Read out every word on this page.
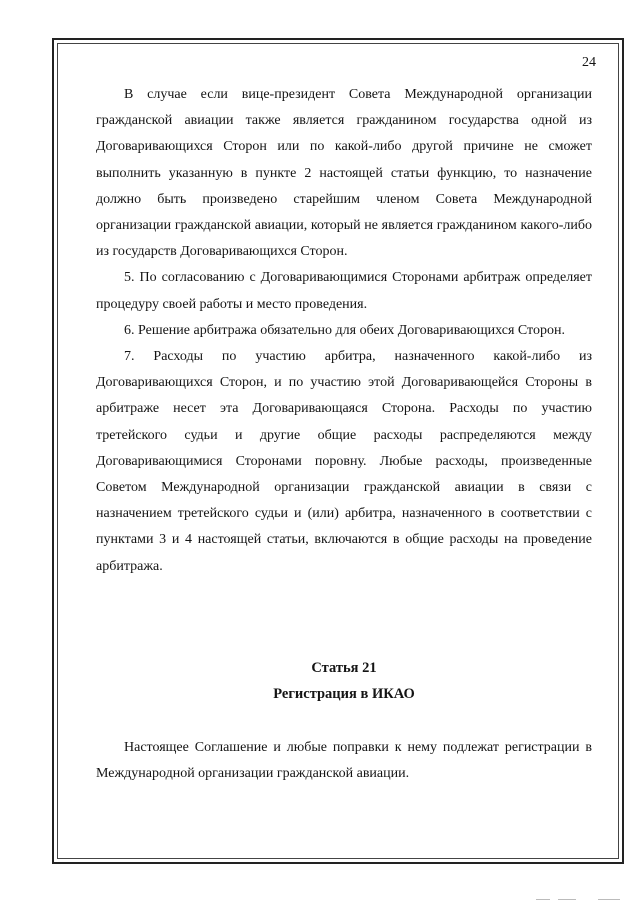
24

В случае если вице-президент Совета Международной организации гражданской авиации также является гражданином государства одной из Договаривающихся Сторон или по какой-либо другой причине не сможет выполнить указанную в пункте 2 настоящей статьи функцию, то назначение должно быть произведено старейшим членом Совета Международной организации гражданской авиации, который не является гражданином какого-либо из государств Договаривающихся Сторон.

5. По согласованию с Договаривающимися Сторонами арбитраж определяет процедуру своей работы и место проведения.

6. Решение арбитража обязательно для обеих Договаривающихся Сторон.

7. Расходы по участию арбитра, назначенного какой-либо из Договаривающихся Сторон, и по участию этой Договаривающейся Стороны в арбитраже несет эта Договаривающаяся Сторона. Расходы по участию третейского судьи и другие общие расходы распределяются между Договаривающимися Сторонами поровну. Любые расходы, произведенные Советом Международной организации гражданской авиации в связи с назначением третейского судьи и (или) арбитра, назначенного в соответствии с пунктами 3 и 4 настоящей статьи, включаются в общие расходы на проведение арбитража.

Статья 21
Регистрация в ИКАО

Настоящее Соглашение и любые поправки к нему подлежат регистрации в Международной организации гражданской авиации.
